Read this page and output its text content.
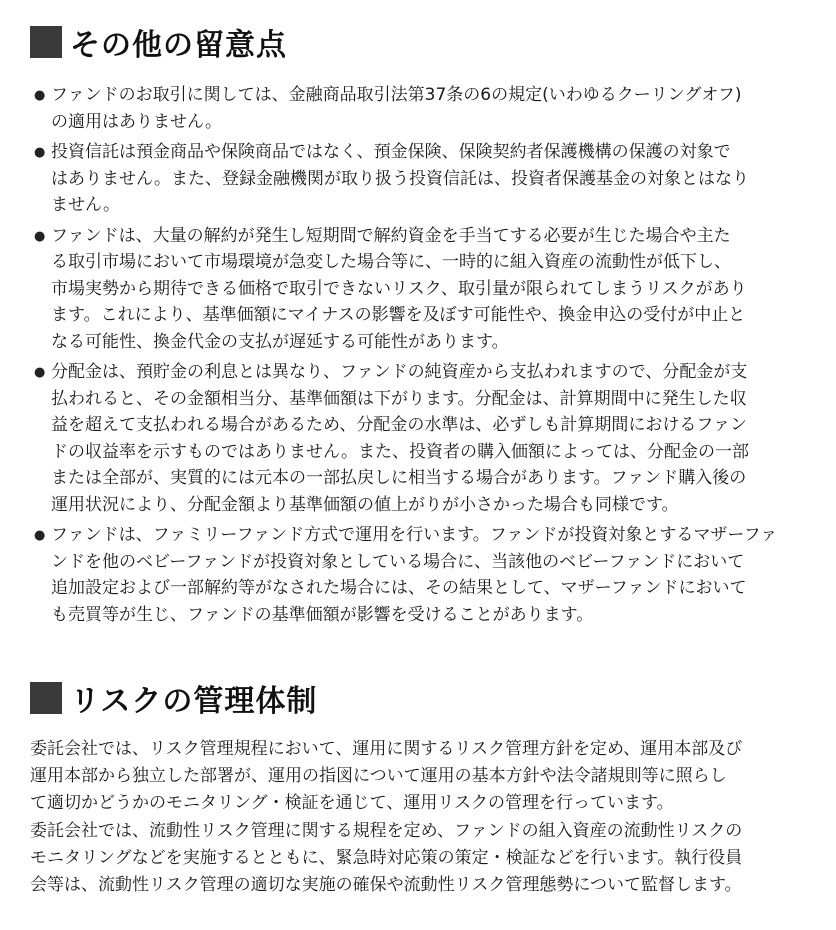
その他の留意点
● ファンドのお取引に関しては、金融商品取引法第37条の6の規定(いわゆるクーリングオフ)
の適用はありません。
● 投資信託は預金商品や保険商品ではなく、預金保険、保険契約者保護機構の保護の対象で
はありません。また、登録金融機関が取り扱う投資信託は、投資者保護基金の対象とはなり
ません。
● ファンドは、大量の解約が発生し短期間で解約資金を手当てする必要が生じた場合や主た
る取引市場において市場環境が急変した場合等に、一時的に組入資産の流動性が低下し、
市場実勢から期待できる価格で取引できないリスク、取引量が限られてしまうリスクがあり
ます。これにより、基準価額にマイナスの影響を及ぼす可能性や、換金申込の受付が中止と
なる可能性、換金代金の支払が遅延する可能性があります。
● 分配金は、預貯金の利息とは異なり、ファンドの純資産から支払われますので、分配金が支
払われると、その金額相当分、基準価額は下がります。分配金は、計算期間中に発生した収
益を超えて支払われる場合があるため、分配金の水準は、必ずしも計算期間におけるファン
ドの収益率を示すものではありません。また、投資者の購入価額によっては、分配金の一部
または全部が、実質的には元本の一部払戻しに相当する場合があります。ファンド購入後の
運用状況により、分配金額より基準価額の値上がりが小さかった場合も同様です。
● ファンドは、ファミリーファンド方式で運用を行います。ファンドが投資対象とするマザーファ
ンドを他のベビーファンドが投資対象としている場合に、当該他のベビーファンドにおいて
追加設定および一部解約等がなされた場合には、その結果として、マザーファンドにおいて
も売買等が生じ、ファンドの基準価額が影響を受けることがあります。
リスクの管理体制
委託会社では、リスク管理規程において、運用に関するリスク管理方針を定め、運用本部及び
運用本部から独立した部署が、運用の指図について運用の基本方針や法令諸規則等に照らし
て適切かどうかのモニタリング・検証を通じて、運用リスクの管理を行っています。
委託会社では、流動性リスク管理に関する規程を定め、ファンドの組入資産の流動性リスクの
モニタリングなどを実施するとともに、緊急時対応策の策定・検証などを行います。執行役員
会等は、流動性リスク管理の適切な実施の確保や流動性リスク管理態勢について監督します。
